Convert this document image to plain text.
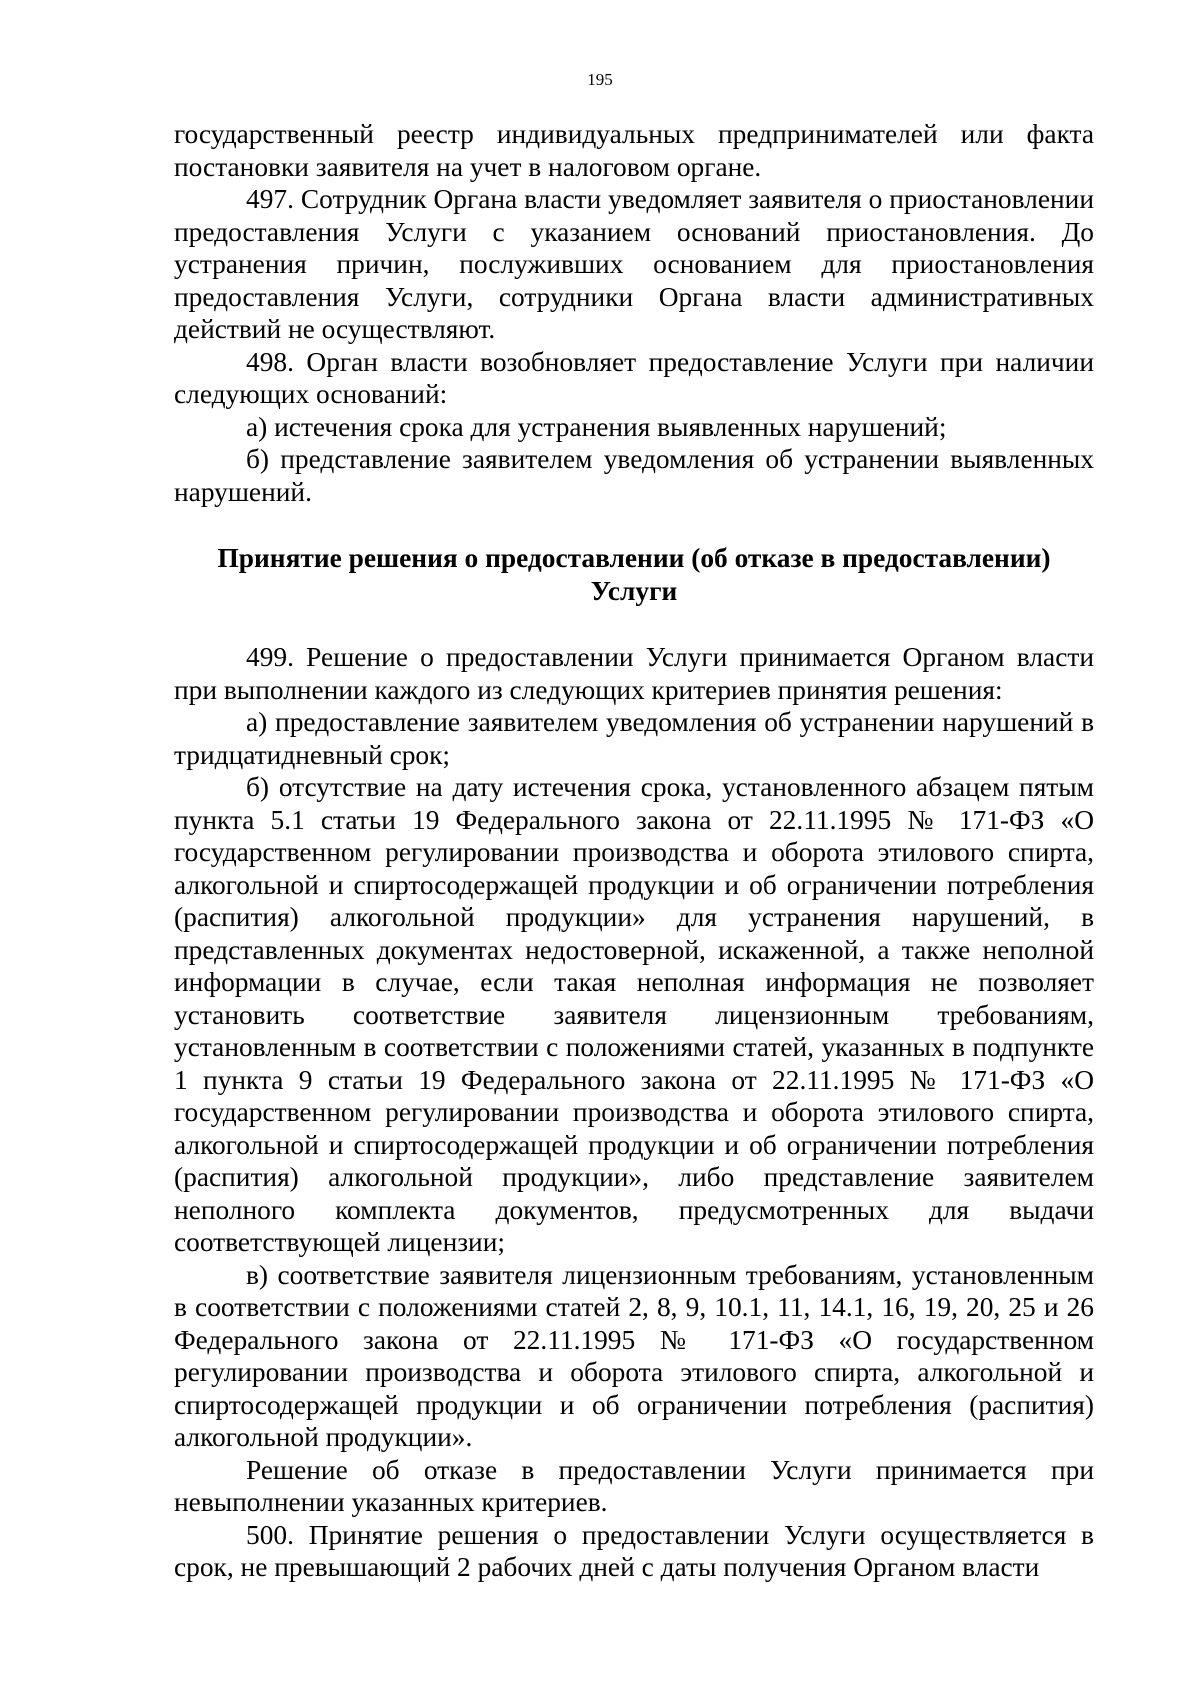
195

государственный реестр индивидуальных предпринимателей или факта постановки заявителя на учет в налоговом органе.

497. Сотрудник Органа власти уведомляет заявителя о приостановлении предоставления Услуги с указанием оснований приостановления. До устранения причин, послуживших основанием для приостановления предоставления Услуги, сотрудники Органа власти административных действий не осуществляют.

498. Орган власти возобновляет предоставление Услуги при наличии следующих оснований:

а) истечения срока для устранения выявленных нарушений;

б) представление заявителем уведомления об устранении выявленных нарушений.

Принятие решения о предоставлении (об отказе в предоставлении)
Услуги

499. Решение о предоставлении Услуги принимается Органом власти при выполнении каждого из следующих критериев принятия решения:

а) предоставление заявителем уведомления об устранении нарушений в тридцатидневный срок;

б) отсутствие на дату истечения срока, установленного абзацем пятым пункта 5.1 статьи 19 Федерального закона от 22.11.1995 № 171-ФЗ «О государственном регулировании производства и оборота этилового спирта, алкогольной и спиртосодержащей продукции и об ограничении потребления (распития) алкогольной продукции» для устранения нарушений, в представленных документах недостоверной, искаженной, а также неполной информации в случае, если такая неполная информация не позволяет установить соответствие заявителя лицензионным требованиям, установленным в соответствии с положениями статей, указанных в подпункте 1 пункта 9 статьи 19 Федерального закона от 22.11.1995 № 171-ФЗ «О государственном регулировании производства и оборота этилового спирта, алкогольной и спиртосодержащей продукции и об ограничении потребления (распития) алкогольной продукции», либо представление заявителем неполного комплекта документов, предусмотренных для выдачи соответствующей лицензии;

в) соответствие заявителя лицензионным требованиям, установленным в соответствии с положениями статей 2, 8, 9, 10.1, 11, 14.1, 16, 19, 20, 25 и 26 Федерального закона от 22.11.1995 № 171-ФЗ «О государственном регулировании производства и оборота этилового спирта, алкогольной и спиртосодержащей продукции и об ограничении потребления (распития) алкогольной продукции».

Решение об отказе в предоставлении Услуги принимается при невыполнении указанных критериев.

500. Принятие решения о предоставлении Услуги осуществляется в срок, не превышающий 2 рабочих дней с даты получения Органом власти
